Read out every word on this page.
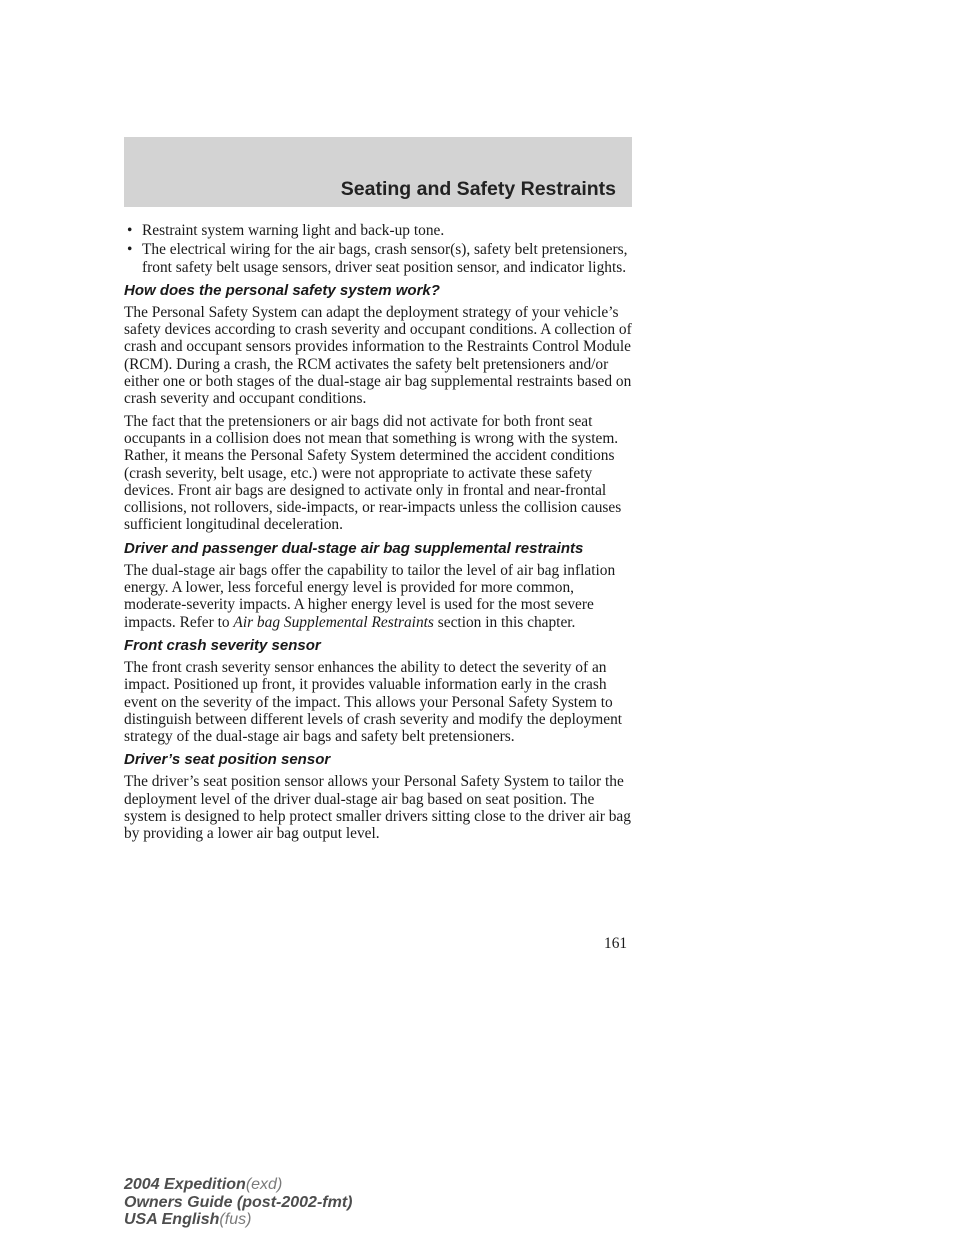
Seating and Safety Restraints
• Restraint system warning light and back-up tone.
• The electrical wiring for the air bags, crash sensor(s), safety belt pretensioners, front safety belt usage sensors, driver seat position sensor, and indicator lights.
How does the personal safety system work?

The Personal Safety System can adapt the deployment strategy of your vehicle’s safety devices according to crash severity and occupant conditions. A collection of crash and occupant sensors provides information to the Restraints Control Module (RCM). During a crash, the RCM activates the safety belt pretensioners and/or either one or both stages of the dual-stage air bag supplemental restraints based on crash severity and occupant conditions.

The fact that the pretensioners or air bags did not activate for both front seat occupants in a collision does not mean that something is wrong with the system. Rather, it means the Personal Safety System determined the accident conditions (crash severity, belt usage, etc.) were not appropriate to activate these safety devices. Front air bags are designed to activate only in frontal and near-frontal collisions, not rollovers, side-impacts, or rear-impacts unless the collision causes sufficient longitudinal deceleration.

Driver and passenger dual-stage air bag supplemental restraints

The dual-stage air bags offer the capability to tailor the level of air bag inflation energy. A lower, less forceful energy level is provided for more common, moderate-severity impacts. A higher energy level is used for the most severe impacts. Refer to Air bag Supplemental Restraints section in this chapter.

Front crash severity sensor

The front crash severity sensor enhances the ability to detect the severity of an impact. Positioned up front, it provides valuable information early in the crash event on the severity of the impact. This allows your Personal Safety System to distinguish between different levels of crash severity and modify the deployment strategy of the dual-stage air bags and safety belt pretensioners.

Driver’s seat position sensor

The driver’s seat position sensor allows your Personal Safety System to tailor the deployment level of the driver dual-stage air bag based on seat position. The system is designed to help protect smaller drivers sitting close to the driver air bag by providing a lower air bag output level.

161
2004 Expedition(exd)
Owners Guide (post-2002-fmt)
USA English(fus)
